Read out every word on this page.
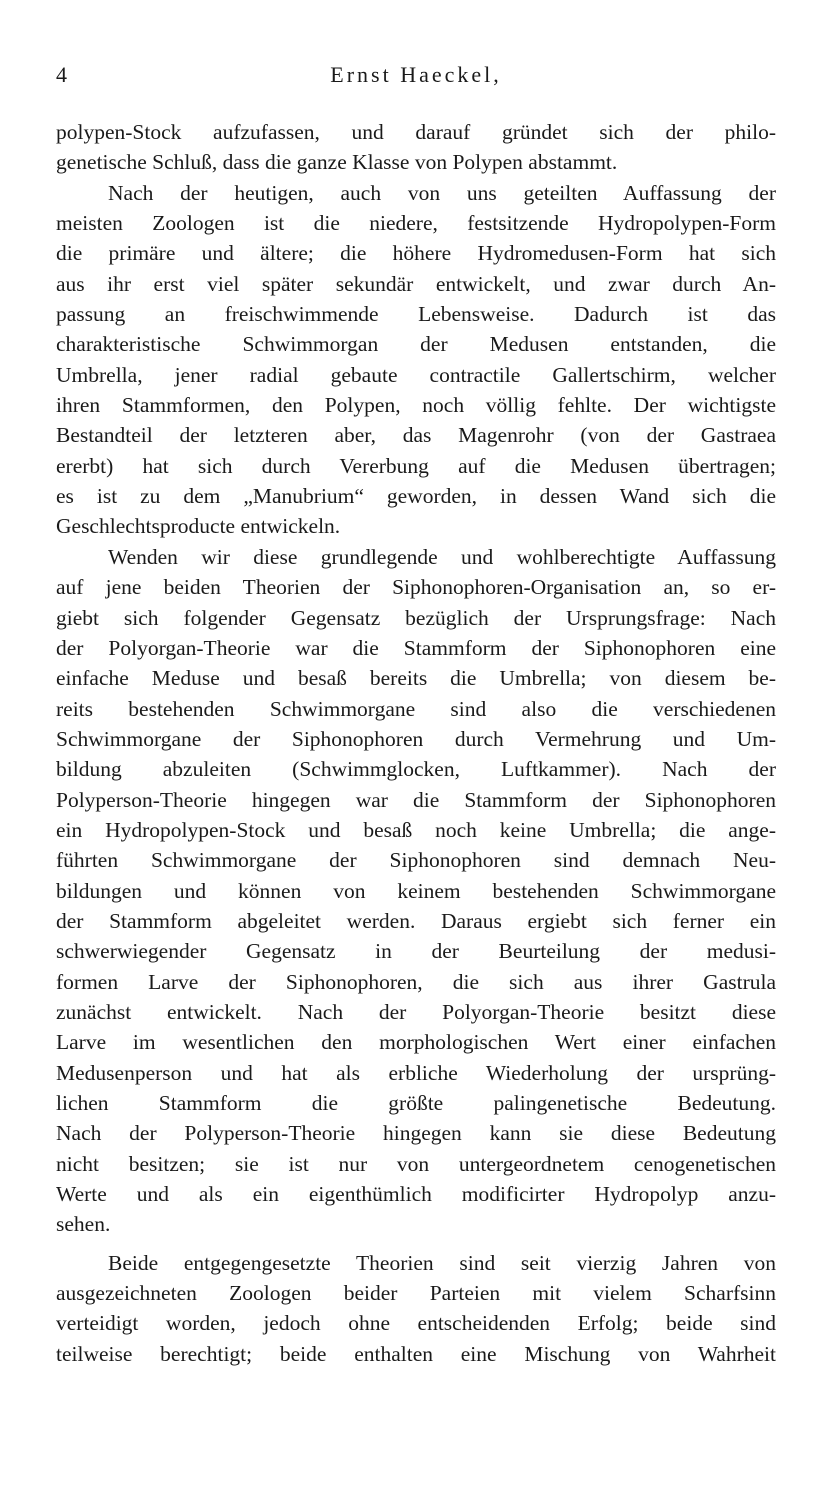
4	Ernst Haeckel,
polypen-Stock aufzufassen, und darauf gründet sich der philo-
genetische Schluß, dass die ganze Klasse von Polypen abstammt.
Nach der heutigen, auch von uns geteilten Auffassung der
meisten Zoologen ist die niedere, festsitzende Hydropolypen-Form
die primäre und ältere; die höhere Hydromedusen-Form hat sich
aus ihr erst viel später sekundär entwickelt, und zwar durch An-
passung an freischwimmende Lebensweise. Dadurch ist das
charakteristische Schwimmorgan der Medusen entstanden, die
Umbrella, jener radial gebaute contractile Gallertschirm, welcher
ihren Stammformen, den Polypen, noch völlig fehlte. Der wichtigste
Bestandteil der letzteren aber, das Magenrohr (von der Gastraea
ererbt) hat sich durch Vererbung auf die Medusen übertragen;
es ist zu dem „Manubrium“ geworden, in dessen Wand sich die
Geschlechtsproducte entwickeln.
Wenden wir diese grundlegende und wohlberechtigte Auffassung
auf jene beiden Theorien der Siphonophoren-Organisation an, so er-
giebt sich folgender Gegensatz bezüglich der Ursprungsfrage: Nach
der Polyorgan-Theorie war die Stammform der Siphonophoren eine
einfache Meduse und besaß bereits die Umbrella; von diesem be-
reits bestehenden Schwimmorgane sind also die verschiedenen
Schwimmorgane der Siphonophoren durch Vermehrung und Um-
bildung abzuleiten (Schwimmglocken, Luftkammer). Nach der
Polyperson-Theorie hingegen war die Stammform der Siphonophoren
ein Hydropolypen-Stock und besaß noch keine Umbrella; die ange-
führten Schwimmorgane der Siphonophoren sind demnach Neu-
bildungen und können von keinem bestehenden Schwimmorgane
der Stammform abgeleitet werden. Daraus ergiebt sich ferner ein
schwerwiegender Gegensatz in der Beurteilung der medusi-
formen Larve der Siphonophoren, die sich aus ihrer Gastrula
zunächst entwickelt. Nach der Polyorgan-Theorie besitzt diese
Larve im wesentlichen den morphologischen Wert einer einfachen
Medusenperson und hat als erbliche Wiederholung der ursprüng-
lichen Stammform die größte palingenetische Bedeutung.
Nach der Polyperson-Theorie hingegen kann sie diese Bedeutung
nicht besitzen; sie ist nur von untergeordnetem cenogenetischen
Werte und als ein eigenthümlich modificirter Hydropolyp anzu-
sehen.
Beide entgegengesetzte Theorien sind seit vierzig Jahren von
ausgezeichneten Zoologen beider Parteien mit vielem Scharfsinn
verteidigt worden, jedoch ohne entscheidenden Erfolg; beide sind
teilweise berechtigt; beide enthalten eine Mischung von Wahrheit
